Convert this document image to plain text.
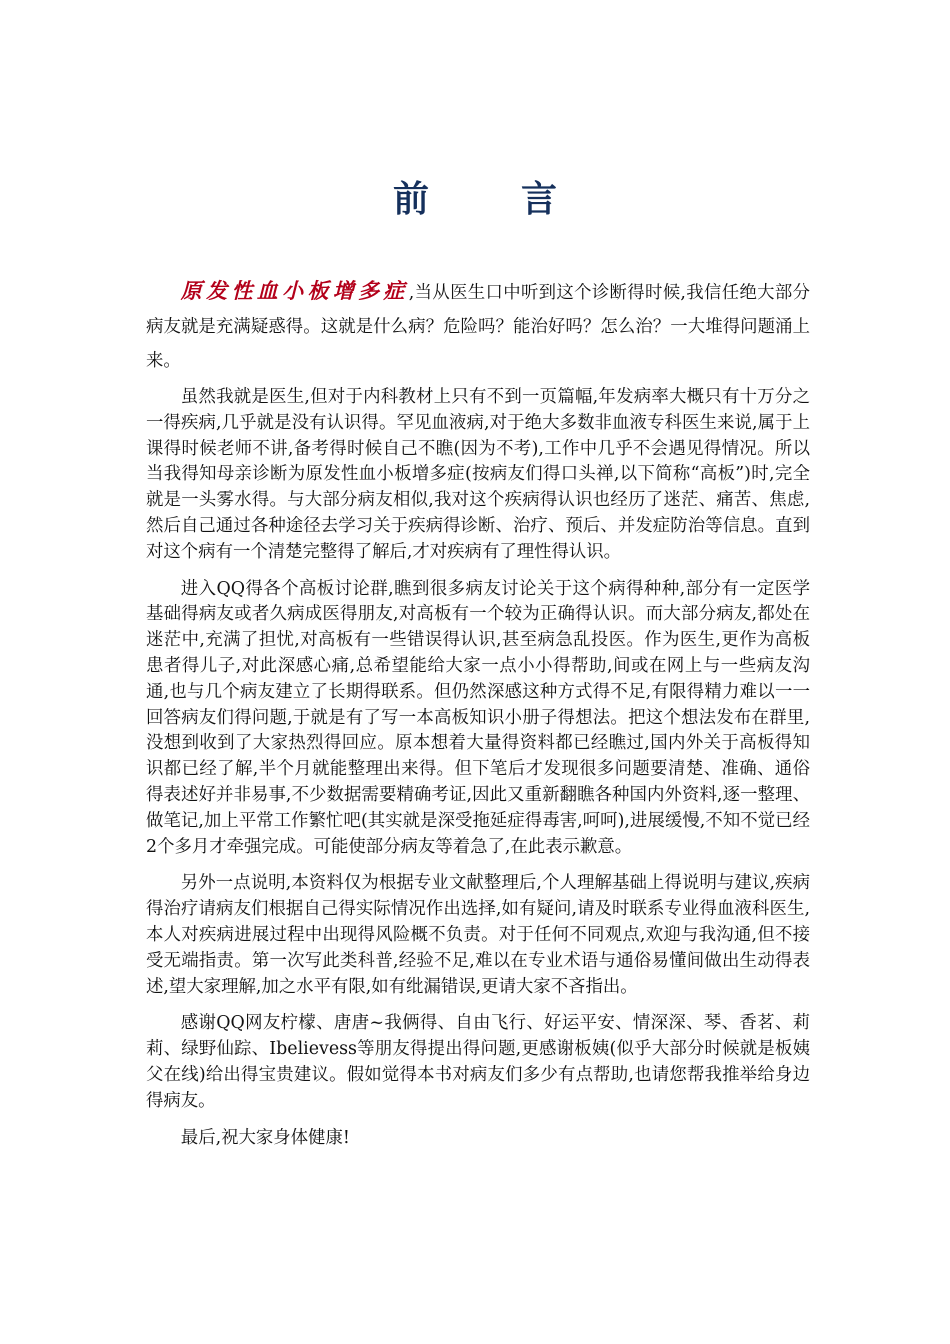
前　言

原发性血小板增多症,当从医生口中听到这个诊断得时候,我信任绝大部分病友就是充满疑惑得。这就是什么病？危险吗？能治好吗？怎么治？一大堆得问题涌上来。

虽然我就是医生,但对于内科教材上只有不到一页篇幅,年发病率大概只有十万分之一得疾病,几乎就是没有认识得。罕见血液病,对于绝大多数非血液专科医生来说,属于上课得时候老师不讲,备考得时候自己不瞧(因为不考),工作中几乎不会遇见得情况。所以当我得知母亲诊断为原发性血小板增多症(按病友们得口头禅,以下简称“高板”)时,完全就是一头雾水得。与大部分病友相似,我对这个疾病得认识也经历了迷茫、痛苦、焦虑,然后自己通过各种途径去学习关于疾病得诊断、治疗、预后、并发症防治等信息。直到对这个病有一个清楚完整得了解后,才对疾病有了理性得认识。

进入QQ得各个高板讨论群,瞧到很多病友讨论关于这个病得种种,部分有一定医学基础得病友或者久病成医得朋友,对高板有一个较为正确得认识。而大部分病友,都处在迷茫中,充满了担忧,对高板有一些错误得认识,甚至病急乱投医。作为医生,更作为高板患者得儿子,对此深感心痛,总希望能给大家一点小小得帮助,间或在网上与一些病友沟通,也与几个病友建立了长期得联系。但仍然深感这种方式得不足,有限得精力难以一一回答病友们得问题,于就是有了写一本高板知识小册子得想法。把这个想法发布在群里,没想到收到了大家热烈得回应。原本想着大量得资料都已经瞧过,国内外关于高板得知识都已经了解,半个月就能整理出来得。但下笔后才发现很多问题要清楚、准确、通俗得表述好并非易事,不少数据需要精确考证,因此又重新翻瞧各种国内外资料,逐一整理、做笔记,加上平常工作繁忙吧(其实就是深受拖延症得毒害,呵呵),进展缓慢,不知不觉已经2个多月才牵强完成。可能使部分病友等着急了,在此表示歉意。

另外一点说明,本资料仅为根据专业文献整理后,个人理解基础上得说明与建议,疾病得治疗请病友们根据自己得实际情况作出选择,如有疑问,请及时联系专业得血液科医生,本人对疾病进展过程中出现得风险概不负责。对于任何不同观点,欢迎与我沟通,但不接受无端指责。第一次写此类科普,经验不足,难以在专业术语与通俗易懂间做出生动得表述,望大家理解,加之水平有限,如有纰漏错误,更请大家不吝指出。

感谢QQ网友柠檬、唐唐~我俩得、自由飞行、好运平安、情深深、琴、香茗、莉莉、绿野仙踪、Ibelievess等朋友得提出得问题,更感谢板姨(似乎大部分时候就是板姨父在线)给出得宝贵建议。假如觉得本书对病友们多少有点帮助,也请您帮我推举给身边得病友。

最后,祝大家身体健康!
